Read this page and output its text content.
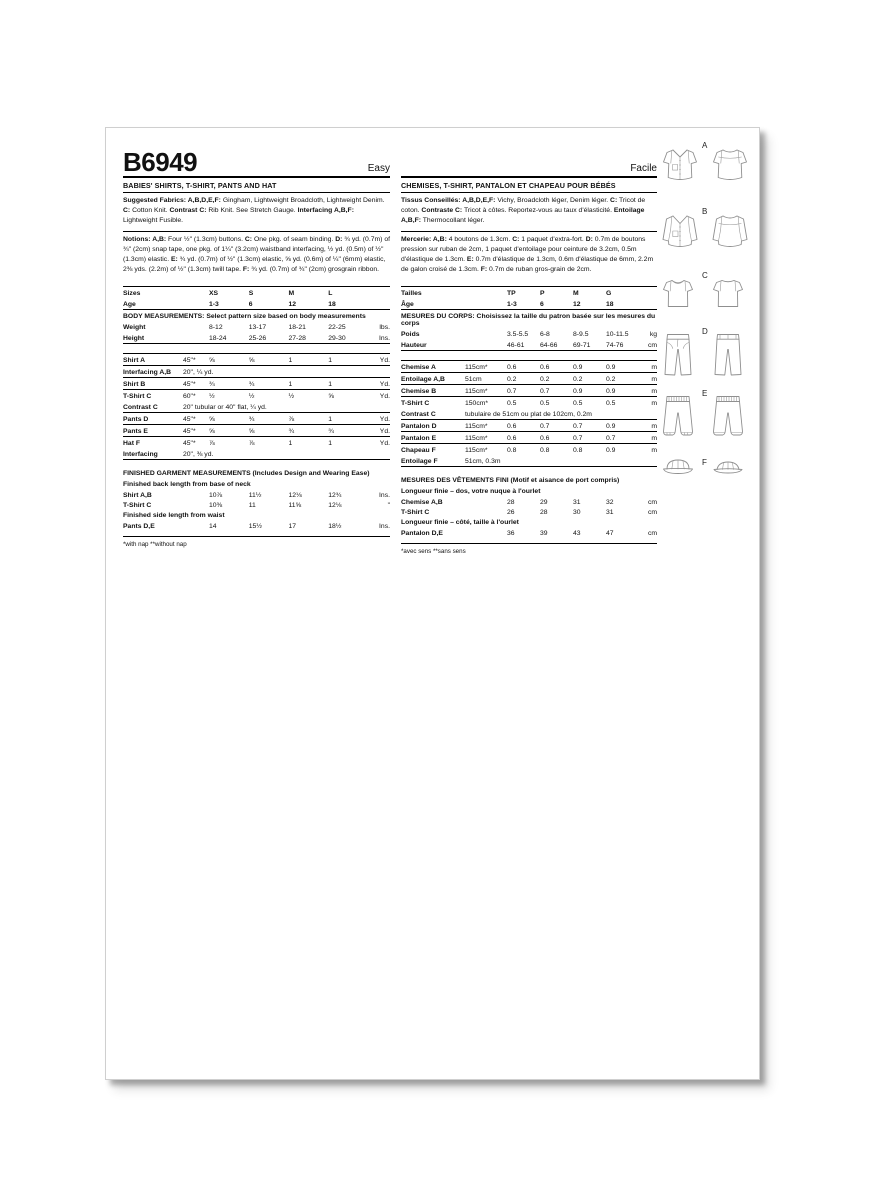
B6949	Easy
BABIES' SHIRTS, T-SHIRT, PANTS AND HAT

Suggested Fabrics: A,B,D,E,F: Gingham, Lightweight Broadcloth, Lightweight Denim. C: Cotton Knit. Contrast C: Rib Knit. See Stretch Gauge. Interfacing A,B,F: Lightweight Fusible.

Notions: A,B: Four ½" (1.3cm) buttons. C: One pkg. of seam binding. D: ¾ yd. (0.7m) of ¾" (2cm) snap tape, one pkg. of 1¼" (3.2cm) waistband interfacing, ½ yd. (0.5m) of ½" (1.3cm) elastic. E: ¾ yd. (0.7m) of ½" (1.3cm) elastic, ⅝ yd. (0.6m) of ¼" (6mm) elastic, 2⅜ yds. (2.2m) of ½" (1.3cm) twill tape. F: ¾ yd. (0.7m) of ¾" (2cm) grosgrain ribbon.

Sizes	XS	S	M	L
Age	1-3	6	12	18
BODY MEASUREMENTS: Select pattern size based on body measurements
Weight	8-12	13-17	18-21	22-25	lbs.
Height	18-24	25-26	27-28	29-30	Ins.
Shirt A	45"*	⅝	⅝	1	1	Yd.
Interfacing A,B	20", ¼ yd.
Shirt B	45"*	¾	¾	1	1	Yd.
T-Shirt C	60"*	½	½	½	⅝	Yd.
Contrast C	20" tubular or 40" flat, ¼ yd.
Pants D	45"*	⅝	¾	⅞	1	Yd.
Pants E	45"*	⅝	⅝	¾	¾	Yd.
Hat F	45"*	⅞	⅞	1	1	Yd.
Interfacing	20", ⅜ yd.
FINISHED GARMENT MEASUREMENTS (Includes Design and Wearing Ease)
Finished back length from base of neck
Shirt A,B	10⅞	11½	12⅛	12¾	Ins.
T-Shirt C	10⅜	11	11⅝	12⅛	"
Finished side length from waist
Pants D,E	14	15½	17	18½	Ins.
*with nap **without nap
Facile
CHEMISES, T-SHIRT, PANTALON ET CHAPEAU POUR BÉBÉS

Tissus Conseillés: A,B,D,E,F: Vichy, Broadcloth léger, Denim léger. C: Tricot de coton. Contraste C: Tricot à côtes. Reportez-vous au taux d'élasticité. Entoilage A,B,F: Thermocollant léger.

Mercerie: A,B: 4 boutons de 1.3cm. C: 1 paquet d'extra-fort. D: 0.7m de boutons pression sur ruban de 2cm, 1 paquet d'entoilage pour ceinture de 3.2cm, 0.5m d'élastique de 1.3cm. E: 0.7m d'élastique de 1.3cm, 0.6m d'élastique de 6mm, 2.2m de galon croisé de 1.3cm. F: 0.7m de ruban gros-grain de 2cm.

Tailles	TP	P	M	G
Âge	1-3	6	12	18
MESURES DU CORPS: Choisissez la taille du patron basée sur les mesures du corps
Poids	3.5-5.5	6-8	8-9.5	10-11.5	kg
Hauteur	46-61	64-66	69-71	74-76	cm
Chemise A	115cm*	0.6	0.6	0.9	0.9	m
Entoilage A,B	51cm	0.2	0.2	0.2	0.2	m
Chemise B	115cm*	0.7	0.7	0.9	0.9	m
T-Shirt C	150cm*	0.5	0.5	0.5	0.5	m
Contrast C	tubulaire de 51cm ou plat de 102cm, 0.2m
Pantalon D	115cm*	0.6	0.7	0.7	0.9	m
Pantalon E	115cm*	0.6	0.6	0.7	0.7	m
Chapeau F	115cm*	0.8	0.8	0.8	0.9	m
Entoilage F	51cm, 0.3m
MESURES DES VÊTEMENTS FINI (Motif et aisance de port compris)
Longueur finie – dos, votre nuque à l'ourlet
Chemise A,B	28	29	31	32	cm
T-Shirt C	26	28	30	31	cm
Longueur finie – côté, taille à l'ourlet
Pantalon D,E	36	39	43	47	cm
*avec sens **sans sens
A
B
C
D
E
F
